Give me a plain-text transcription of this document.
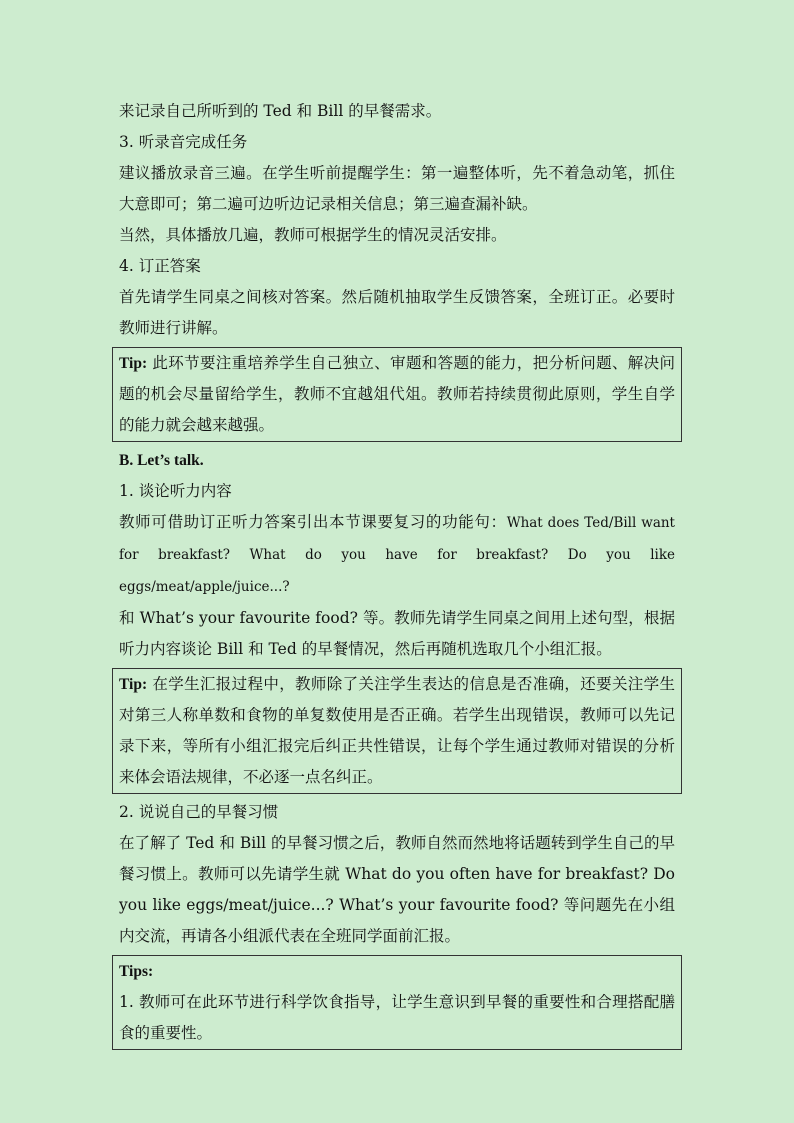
来记录自己所听到的 Ted 和 Bill 的早餐需求。

3. 听录音完成任务

建议播放录音三遍。在学生听前提醒学生：第一遍整体听，先不着急动笔，抓住大意即可；第二遍可边听边记录相关信息；第三遍查漏补缺。

当然，具体播放几遍，教师可根据学生的情况灵活安排。

4. 订正答案

首先请学生同桌之间核对答案。然后随机抽取学生反馈答案，全班订正。必要时教师进行讲解。

Tip: 此环节要注重培养学生自己独立、审题和答题的能力，把分析问题、解决问题的机会尽量留给学生，教师不宜越俎代俎。教师若持续贯彻此原则，学生自学的能力就会越来越强。

B. Let’s talk.

1. 谈论听力内容

教师可借助订正听力答案引出本节课要复习的功能句：What does Ted/Bill want for breakfast? What do you have for breakfast? Do you like eggs/meat/apple/juice...?

和 What’s your favourite food? 等。教师先请学生同桌之间用上述句型，根据听力内容谈论 Bill 和 Ted 的早餐情况，然后再随机选取几个小组汇报。

Tip: 在学生汇报过程中，教师除了关注学生表达的信息是否准确，还要关注学生对第三人称单数和食物的单复数使用是否正确。若学生出现错误，教师可以先记录下来，等所有小组汇报完后纠正共性错误，让每个学生通过教师对错误的分析来体会语法规律，不必逐一点名纠正。

2. 说说自己的早餐习惯

在了解了 Ted 和 Bill 的早餐习惯之后，教师自然而然地将话题转到学生自己的早餐习惯上。教师可以先请学生就 What do you often have for breakfast? Do you like eggs/meat/juice...? What’s your favourite food? 等问题先在小组内交流，再请各小组派代表在全班同学面前汇报。

Tips:

1. 教师可在此环节进行科学饮食指导，让学生意识到早餐的重要性和合理搭配膳食的重要性。
